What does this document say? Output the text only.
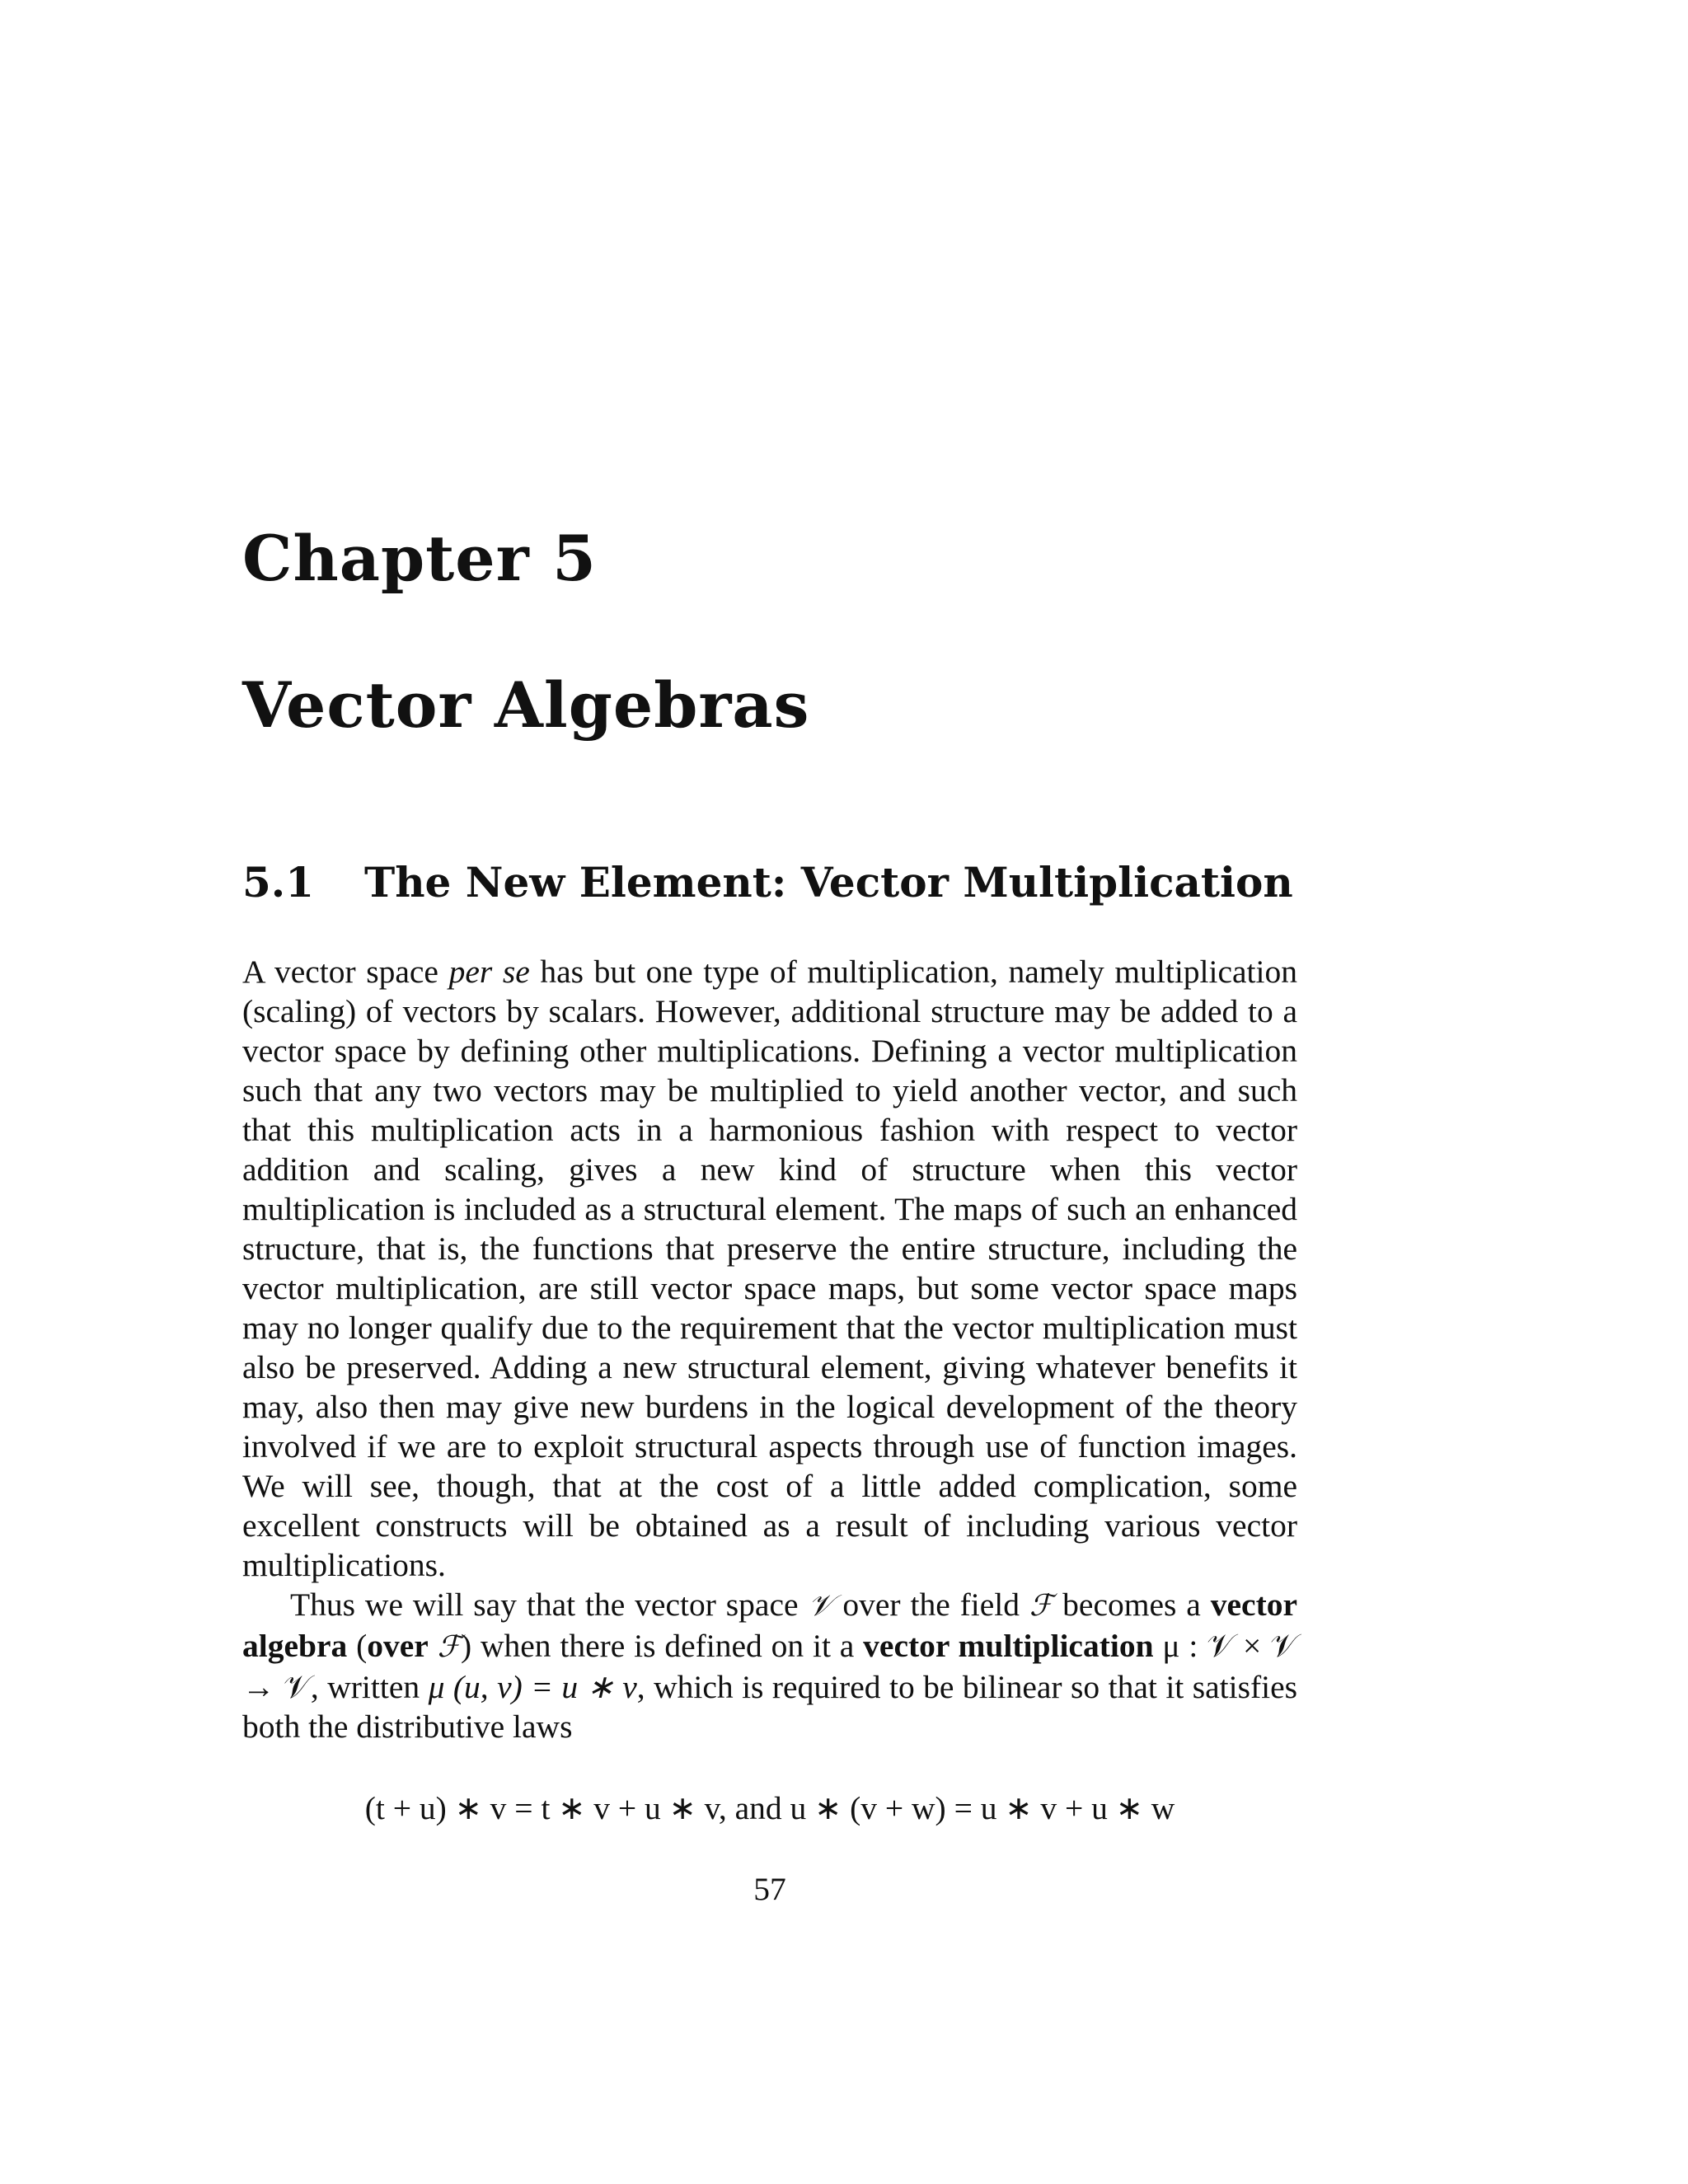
Chapter 5
Vector Algebras
5.1 The New Element: Vector Multiplication

A vector space per se has but one type of multiplication, namely multiplication (scaling) of vectors by scalars. However, additional structure may be added to a vector space by defining other multiplications. Defining a vector multiplication such that any two vectors may be multiplied to yield another vector, and such that this multiplication acts in a harmonious fashion with respect to vector addition and scaling, gives a new kind of structure when this vector multiplication is included as a structural element. The maps of such an enhanced structure, that is, the functions that preserve the entire structure, including the vector multiplication, are still vector space maps, but some vector space maps may no longer qualify due to the requirement that the vector multiplication must also be preserved. Adding a new structural element, giving whatever benefits it may, also then may give new burdens in the logical development of the theory involved if we are to exploit structural aspects through use of function images. We will see, though, that at the cost of a little added complication, some excellent constructs will be obtained as a result of including various vector multiplications.

Thus we will say that the vector space 𝒱 over the field ℱ becomes a vector algebra (over ℱ) when there is defined on it a vector multiplication μ : 𝒱 × 𝒱 → 𝒱, written μ (u, v) = u ∗ v, which is required to be bilinear so that it satisfies both the distributive laws

(t + u) ∗ v = t ∗ v + u ∗ v, and u ∗ (v + w) = u ∗ v + u ∗ w
57
